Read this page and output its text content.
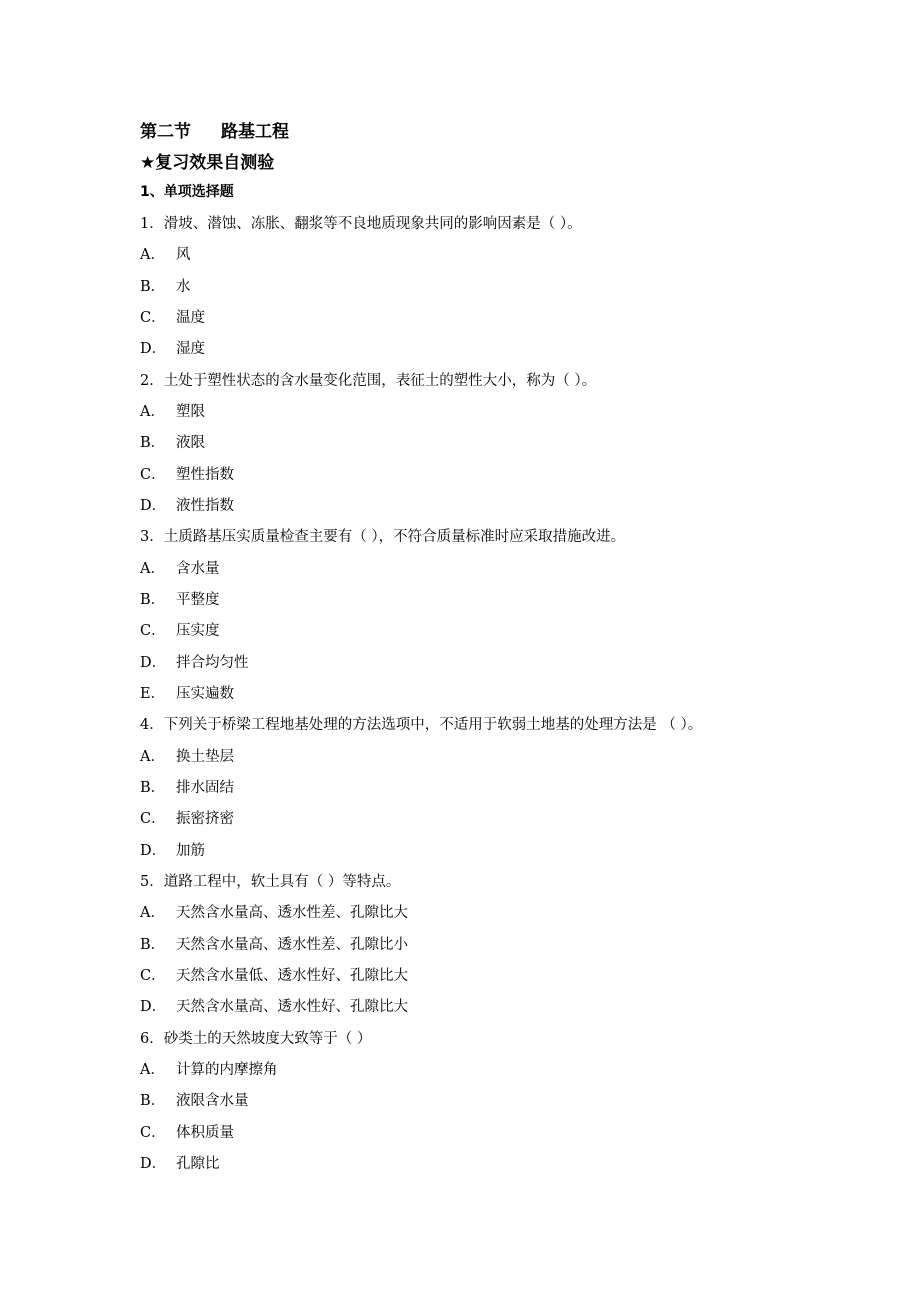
第二节 路基工程
★复习效果自测验
1、单项选择题
1．滑坡、潜蚀、冻胀、翻浆等不良地质现象共同的影响因素是（ ）。
A． 风
B． 水
C． 温度
D． 湿度
2．土处于塑性状态的含水量变化范围，表征土的塑性大小，称为（ ）。
A． 塑限
B． 液限
C． 塑性指数
D． 液性指数
3．土质路基压实质量检查主要有（ ），不符合质量标准时应采取措施改进。
A． 含水量
B． 平整度
C． 压实度
D． 拌合均匀性
E． 压实遍数
4．下列关于桥梁工程地基处理的方法选项中，不适用于软弱土地基的处理方法是 （ ）。
A． 换土垫层
B． 排水固结
C． 振密挤密
D． 加筋
5．道路工程中，软土具有（ ）等特点。
A． 天然含水量高、透水性差、孔隙比大
B． 天然含水量高、透水性差、孔隙比小
C． 天然含水量低、透水性好、孔隙比大
D． 天然含水量高、透水性好、孔隙比大
6．砂类土的天然坡度大致等于（ ）
A． 计算的内摩擦角
B． 液限含水量
C． 体积质量
D． 孔隙比
